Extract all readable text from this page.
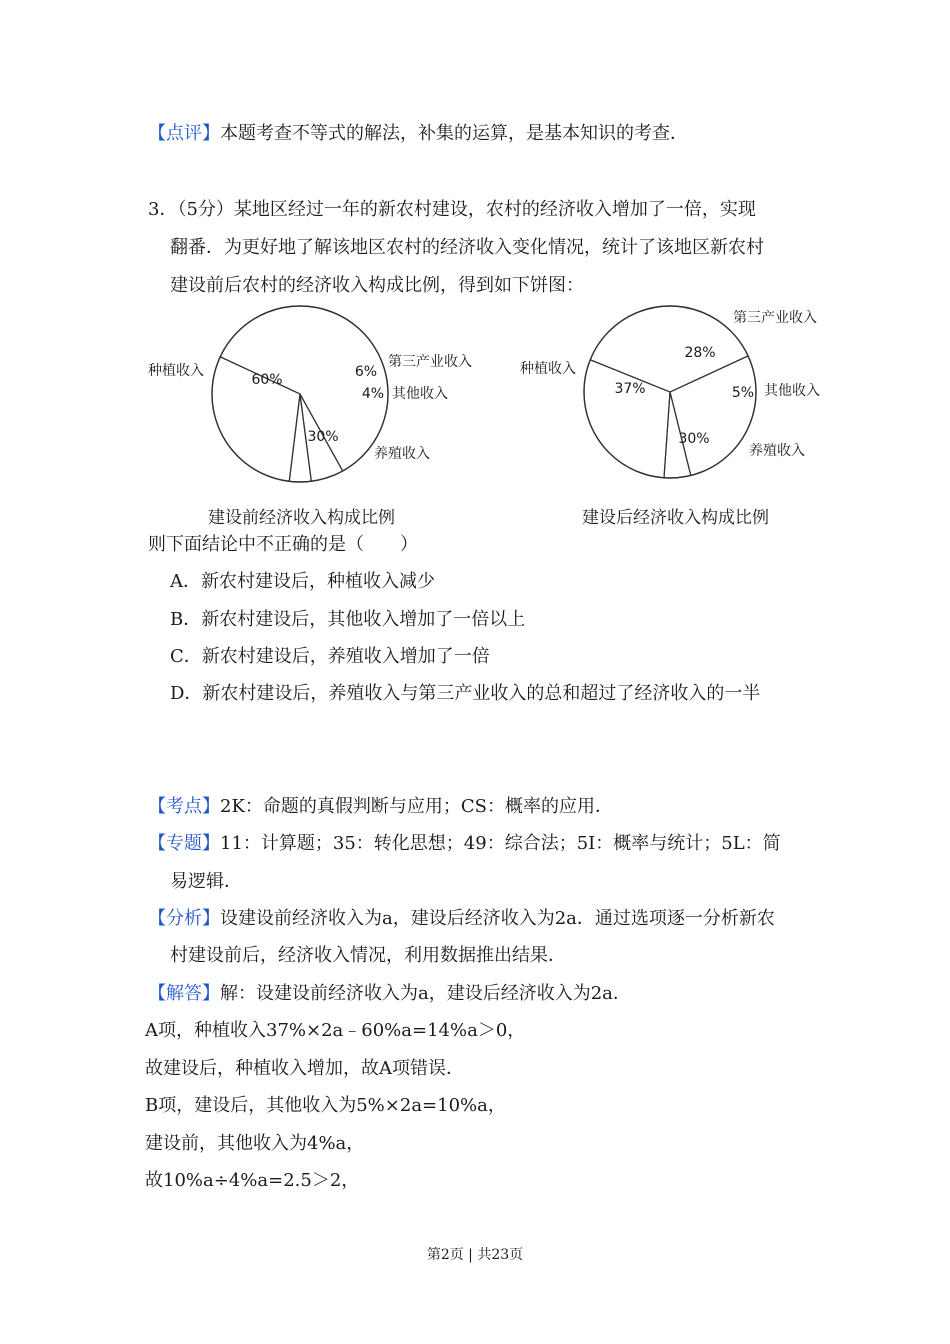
【点评】本题考查不等式的解法，补集的运算，是基本知识的考查．
3．（5分）某地区经过一年的新农村建设，农村的经济收入增加了一倍，实现
翻番．为更好地了解该地区农村的经济收入变化情况，统计了该地区新农村
建设前后农村的经济收入构成比例，得到如下饼图：
60%	6%
4%
30%
种植收入
第三产业收入
其他收入
养殖收入
37%
28%
5%
30%
种植收入
第三产业收入
其他收入
养殖收入
建设前经济收入构成比例	建设后经济收入构成比例
则下面结论中不正确的是（　　）
A．新农村建设后，种植收入减少
B．新农村建设后，其他收入增加了一倍以上
C．新农村建设后，养殖收入增加了一倍
D．新农村建设后，养殖收入与第三产业收入的总和超过了经济收入的一半
【考点】2K：命题的真假判断与应用；CS：概率的应用．
【专题】11：计算题；35：转化思想；49：综合法；5I：概率与统计；5L：简
易逻辑．
【分析】设建设前经济收入为a，建设后经济收入为2a．通过选项逐一分析新农
村建设前后，经济收入情况，利用数据推出结果．
【解答】解：设建设前经济收入为a，建设后经济收入为2a．
A项，种植收入37%×2a﹣60%a=14%a＞0，
故建设后，种植收入增加，故A项错误．
B项，建设后，其他收入为5%×2a=10%a，
建设前，其他收入为4%a，
故10%a÷4%a=2.5＞2，
第2页 | 共23页
